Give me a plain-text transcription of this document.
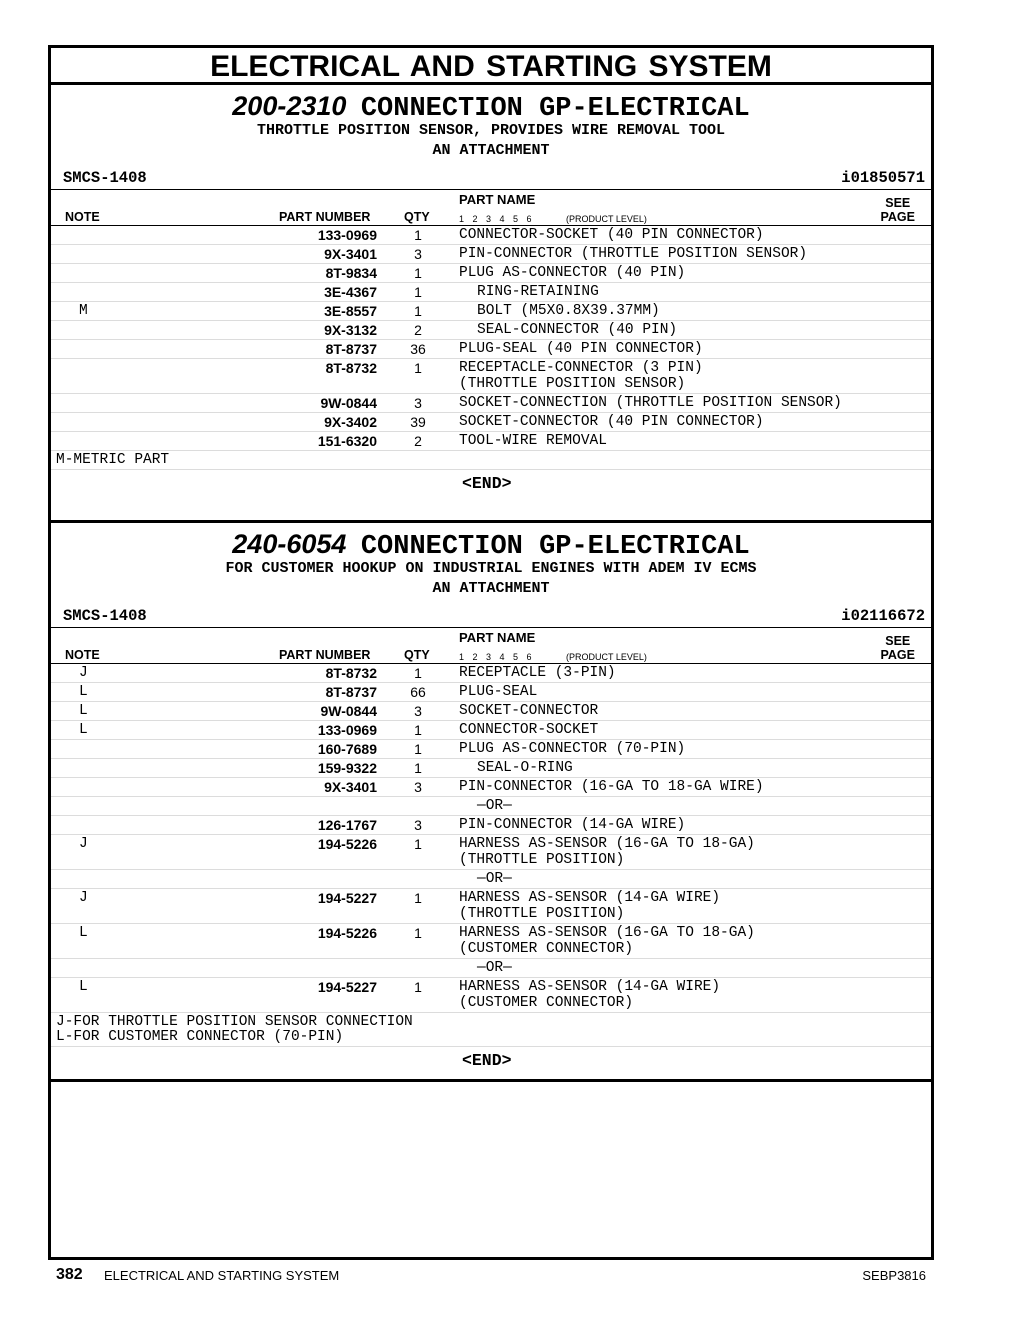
ELECTRICAL AND STARTING SYSTEM
200-2310 CONNECTION GP-ELECTRICAL
THROTTLE POSITION SENSOR, PROVIDES WIRE REMOVAL TOOL
AN ATTACHMENT
SMCS-1408	i01850571
NOTE	PART NUMBER	QTY
PART NAME
1 2 3 4 5 6	(PRODUCT LEVEL)
SEE
PAGE
133-0969	1	CONNECTOR-SOCKET (40 PIN CONNECTOR)
9X-3401	3	PIN-CONNECTOR (THROTTLE POSITION SENSOR)
8T-9834	1	PLUG AS-CONNECTOR (40 PIN)
3E-4367	1	RING-RETAINING
M	3E-8557	1	BOLT (M5X0.8X39.37MM)
9X-3132	2	SEAL-CONNECTOR (40 PIN)
8T-8737	36	PLUG-SEAL (40 PIN CONNECTOR)
8T-8732	1	RECEPTACLE-CONNECTOR (3 PIN)
(THROTTLE POSITION SENSOR)
9W-0844	3	SOCKET-CONNECTION (THROTTLE POSITION SENSOR)
9X-3402	39	SOCKET-CONNECTOR (40 PIN CONNECTOR)
151-6320	2	TOOL-WIRE REMOVAL
M-METRIC PART
<END>
240-6054 CONNECTION GP-ELECTRICAL
FOR CUSTOMER HOOKUP ON INDUSTRIAL ENGINES WITH ADEM IV ECMS
AN ATTACHMENT
SMCS-1408	i02116672
NOTE	PART NUMBER	QTY
PART NAME
1 2 3 4 5 6	(PRODUCT LEVEL)
SEE
PAGE
J	8T-8732	1	RECEPTACLE (3-PIN)
L	8T-8737	66	PLUG-SEAL
L	9W-0844	3	SOCKET-CONNECTOR
L	133-0969	1	CONNECTOR-SOCKET
160-7689	1	PLUG AS-CONNECTOR (70-PIN)
159-9322	1	SEAL-O-RING
9X-3401	3	PIN-CONNECTOR (16-GA TO 18-GA WIRE)
—OR—
126-1767	3	PIN-CONNECTOR (14-GA WIRE)
J	194-5226	1	HARNESS AS-SENSOR (16-GA TO 18-GA)
(THROTTLE POSITION)
—OR—
J	194-5227	1	HARNESS AS-SENSOR (14-GA WIRE)
(THROTTLE POSITION)
L	194-5226	1	HARNESS AS-SENSOR (16-GA TO 18-GA)
(CUSTOMER CONNECTOR)
—OR—
L	194-5227	1	HARNESS AS-SENSOR (14-GA WIRE)
(CUSTOMER CONNECTOR)
J-FOR THROTTLE POSITION SENSOR CONNECTION
L-FOR CUSTOMER CONNECTOR (70-PIN)
<END>
382 ELECTRICAL AND STARTING SYSTEM	SEBP3816
